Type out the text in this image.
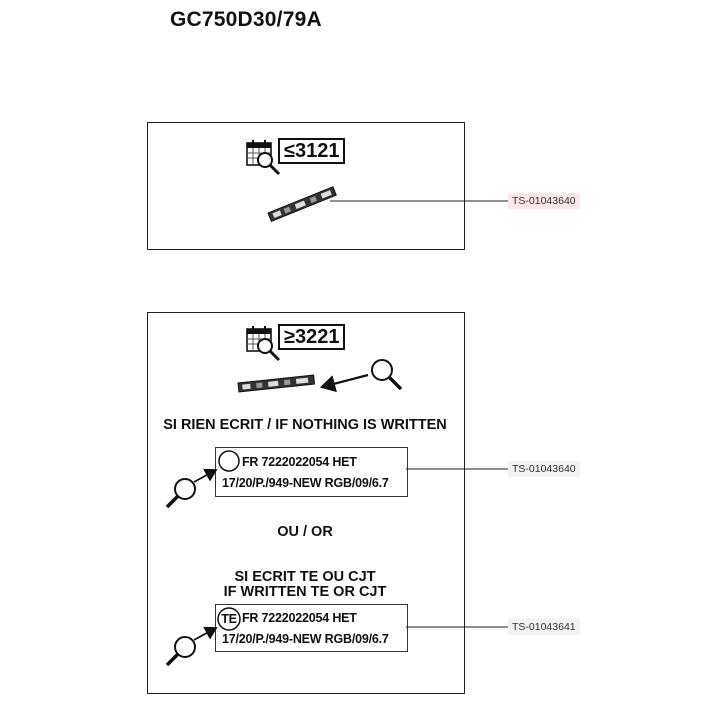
GC750D30/79A
≤3121
TS-01043640
≥3221
SI RIEN ECRIT / IF NOTHING IS WRITTEN
FR 7222022054 HET
17/20/P./949-NEW RGB/09/6.7
OU / OR
SI ECRIT TE OU CJT
IF WRITTEN TE OR CJT
TE FR 7222022054 HET
17/20/P./949-NEW RGB/09/6.7
TS-01043640
TS-01043641
